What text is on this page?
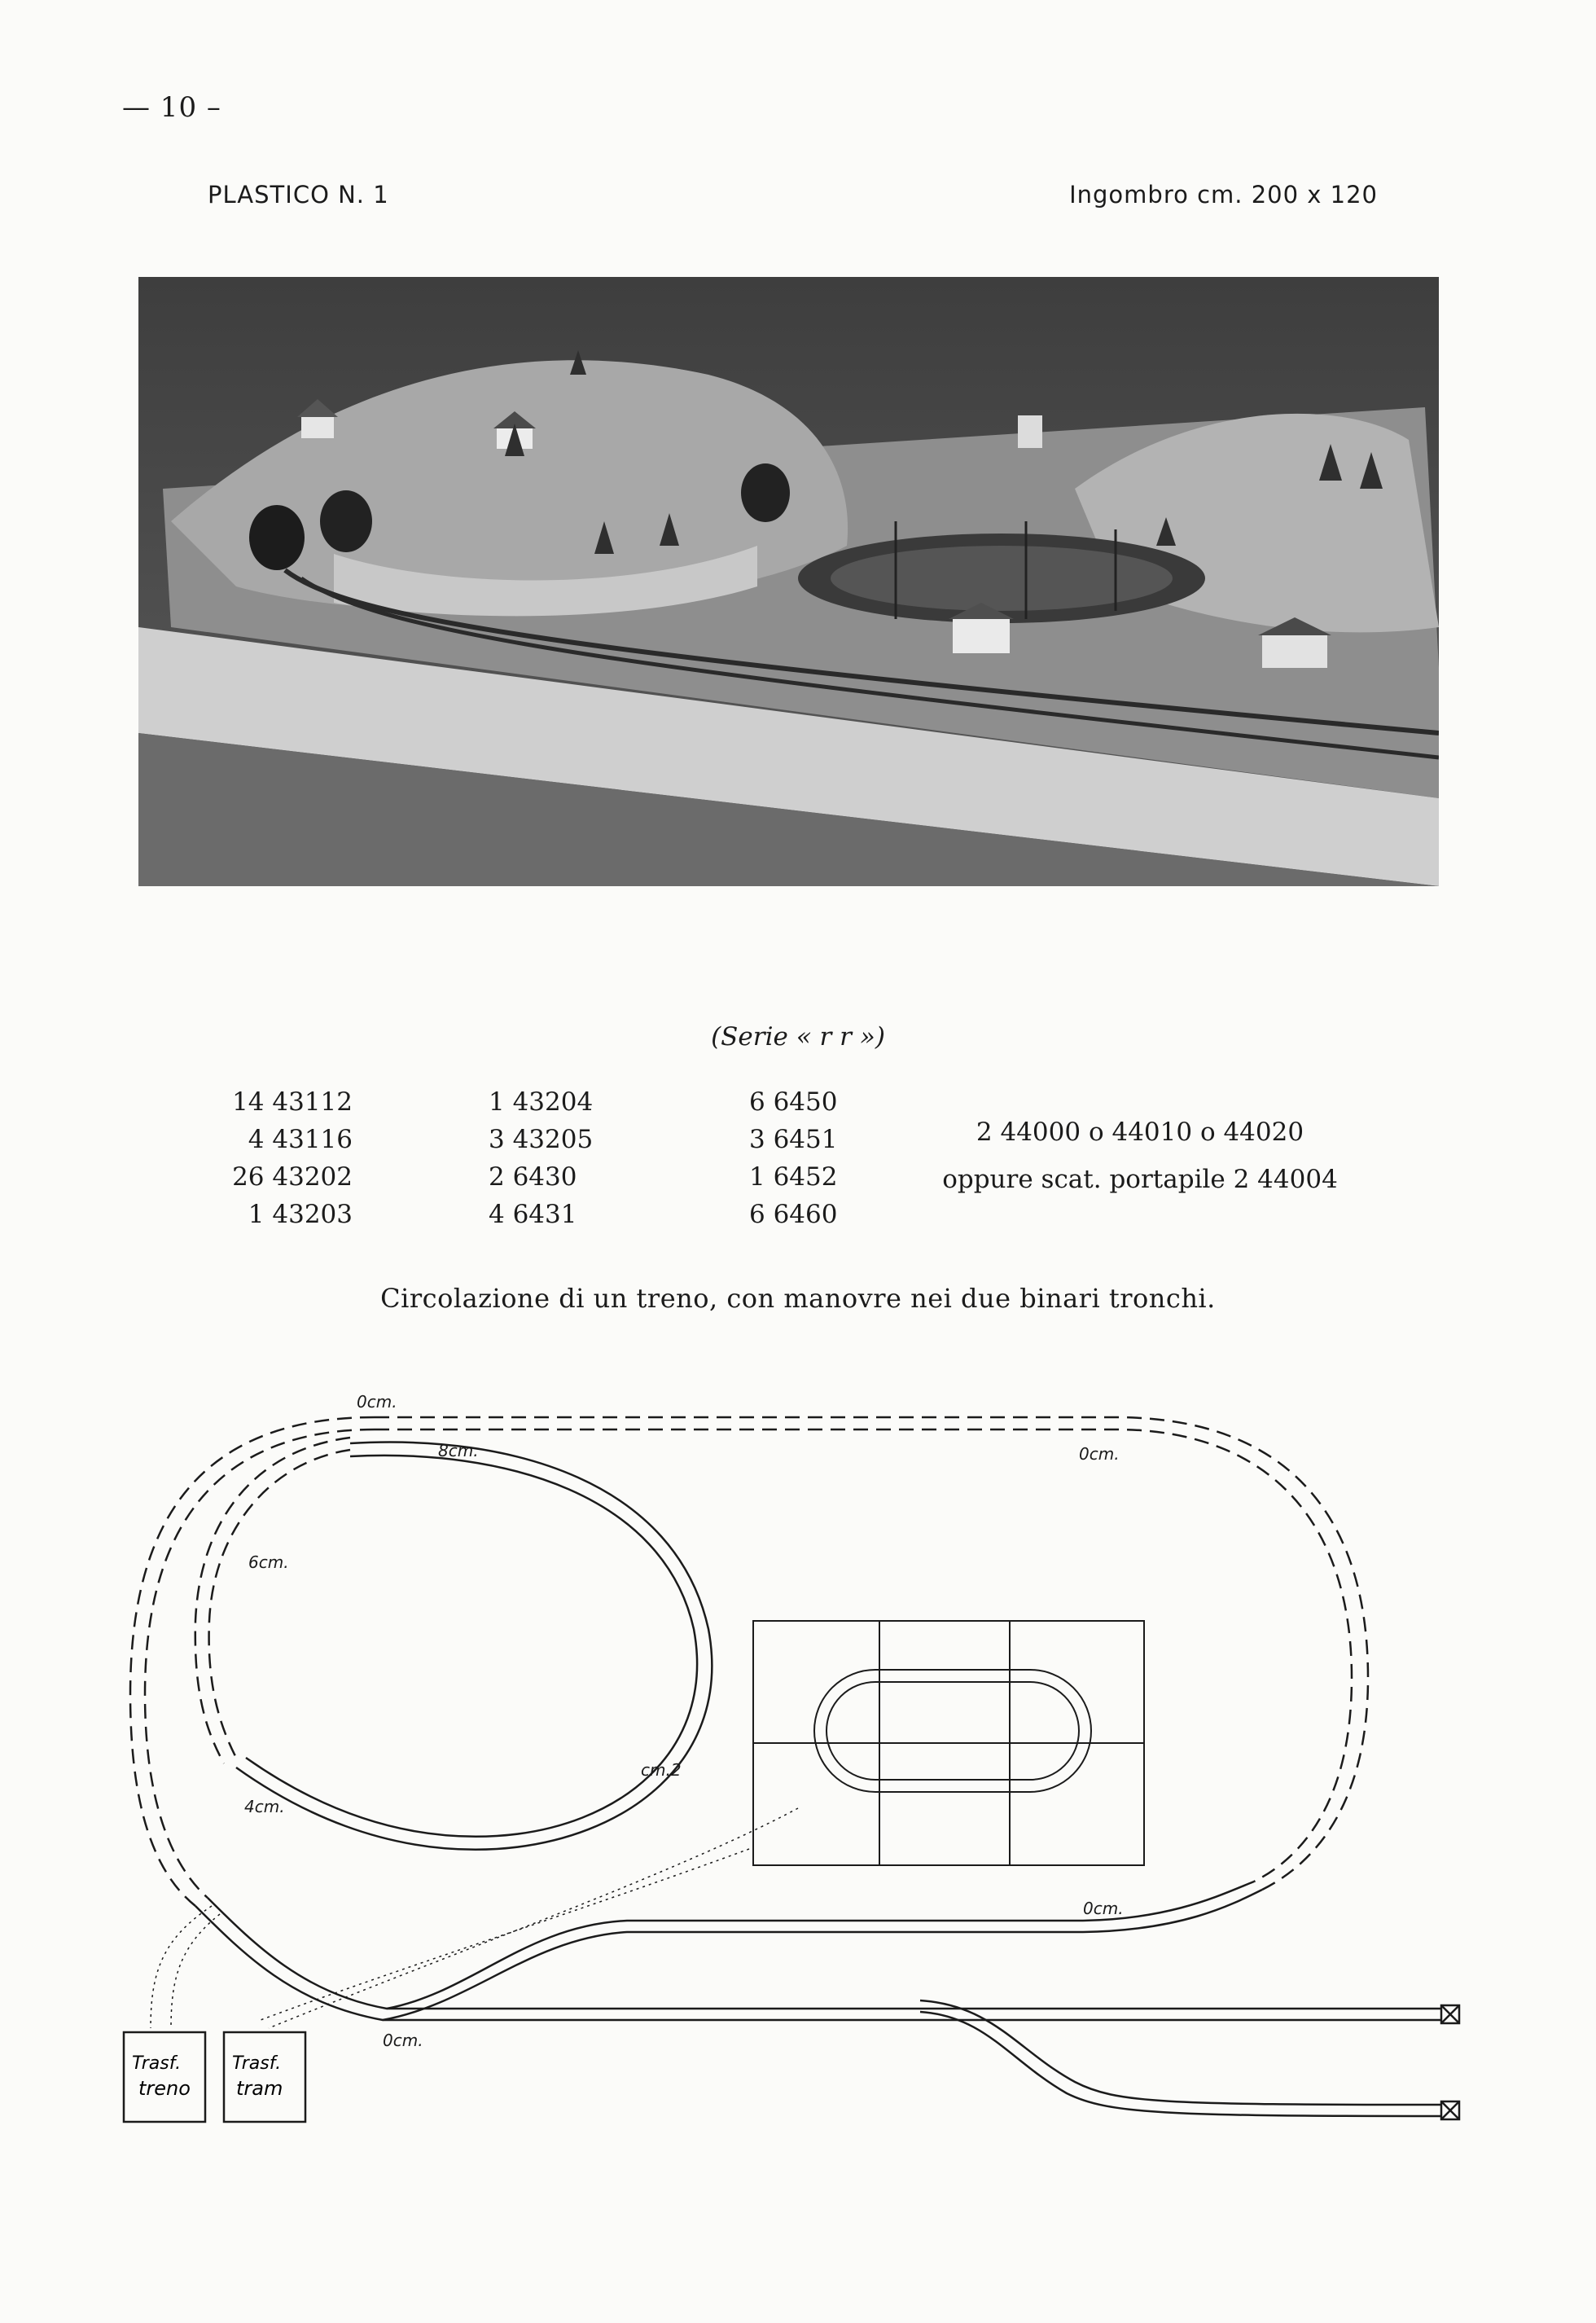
— 10 –
PLASTICO N. 1	Ingombro cm. 200 x 120
(Serie « r r »)
14 43112
4 43116
26 43202
1 43203
1 43204
3 43205
2 6430
4 6431
6 6450
3 6451
1 6452
6 6460
2 44000 o 44010 o 44020
oppure scat. portapile 2 44004
Circolazione di un treno, con manovre nei due binari tronchi.
Trasf.
treno
Trasf.
tram
0cm.
8cm.	0cm.
6cm.
cm.2
4cm.
0cm.
0cm.
